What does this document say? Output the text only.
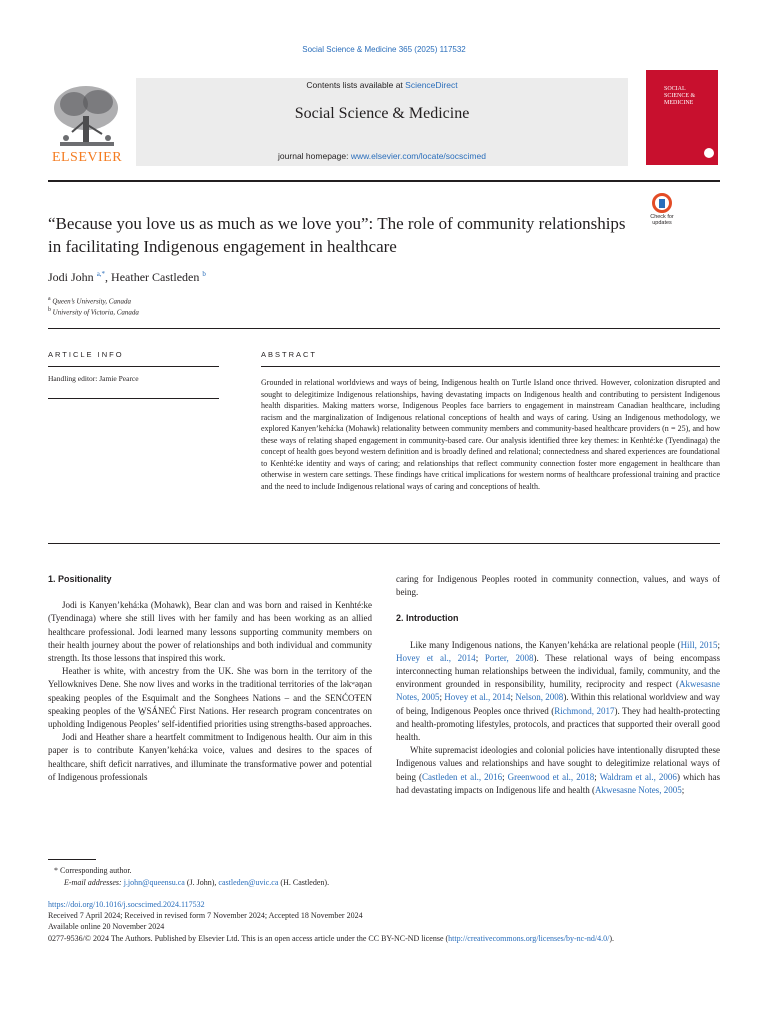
Social Science & Medicine 365 (2025) 117532
Contents lists available at ScienceDirect
Social Science & Medicine
journal homepage: www.elsevier.com/locate/socscimed
ELSEVIER
SOCIAL SCIENCE & MEDICINE
Check for updates
“Because you love us as much as we love you”: The role of community relationships in facilitating Indigenous engagement in healthcare
Jodi John $^{a,*}$, Heather Castleden $^b$
$^a$ Queen’s University, Canada
$^b$ University of Victoria, Canada
ARTICLE INFO
Handling editor: Jamie Pearce
ABSTRACT
Grounded in relational worldviews and ways of being, Indigenous health on Turtle Island once thrived. However, colonization disrupted and sought to delegitimize Indigenous relationships, having devastating impacts on Indigenous health and contributing to persistent Indigenous health disparities. Making matters worse, Indigenous Peoples face barriers to engagement in mainstream Canadian healthcare, including racism and the marginalization of Indigenous relational conceptions of health and ways of caring. Using an Indigenous methodology, we explored Kanyen’kehá:ka (Mohawk) relationality between community members and community-based healthcare providers (n = 25), and how these ways of relating shaped engagement in community-based care. Our analysis identified three key themes: in Kenhté:ke (Tyendinaga) the concept of health goes beyond western definition and is broadly defined and relational; connectedness and shared experiences are foundational to Kenhté:ke identity and ways of caring; and relationships that reflect community connection foster more engagement in healthcare than otherwise in western care settings. These findings have critical implications for western norms of healthcare professional training and practice and the need to include Indigenous relational ways of caring and conceptions of health.
1. Positionality

Jodi is Kanyen’kehá:ka (Mohawk), Bear clan and was born and raised in Kenhté:ke (Tyendinaga) where she still lives with her family and has been working as an allied healthcare professional. Jodi learned many lessons supporting community members on their health journey about the power of relationships and both individual and community strength. Its those lessons that inspired this work.

Heather is white, with ancestry from the UK. She was born in the territory of the Yellowknives Dene. She now lives and works in the traditional territories of the ləkʷəŋən speaking peoples of the Esquimalt and the Songhees Nations – and the SENĆOŦEN speaking peoples of the W̱SÁNEĆ First Nations. Her research program concentrates on upholding Indigenous Peoples’ self-identified priorities using strengths-based approaches.

Jodi and Heather share a heartfelt commitment to Indigenous health. Our aim in this paper is to contribute Kanyen’kehá:ka voice, values and desires to the spaces of healthcare, shift deficit narratives, and illuminate the transformative power and potential of Indigenous professionals

caring for Indigenous Peoples rooted in community connection, values, and ways of being.

2. Introduction

Like many Indigenous nations, the Kanyen’kehá:ka are relational people (Hill, 2015; Hovey et al., 2014; Porter, 2008). These relational ways of being encompass interconnecting human relationships between the individual, family, community, and the environment grounded in responsibility, humility, reciprocity and respect (Akwesasne Notes, 2005; Hovey et al., 2014; Nelson, 2008). Within this relational worldview and way of being, Indigenous Peoples once thrived (Richmond, 2017). They had health-protecting and health-promoting lifestyles, protocols, and practices that supported their overall good health.

White supremacist ideologies and colonial policies have intentionally disrupted these Indigenous values and relationships and have sought to delegitimize relational ways of being (Castleden et al., 2016; Greenwood et al., 2018; Waldram et al., 2006) which has had devastating impacts on Indigenous life and health (Akwesasne Notes, 2005;

* Corresponding author.
E-mail addresses: j.john@queensu.ca (J. John), castleden@uvic.ca (H. Castleden).
https://doi.org/10.1016/j.socscimed.2024.117532
Received 7 April 2024; Received in revised form 7 November 2024; Accepted 18 November 2024
Available online 20 November 2024
0277-9536/© 2024 The Authors. Published by Elsevier Ltd. This is an open access article under the CC BY-NC-ND license (http://creativecommons.org/licenses/by-nc-nd/4.0/).
